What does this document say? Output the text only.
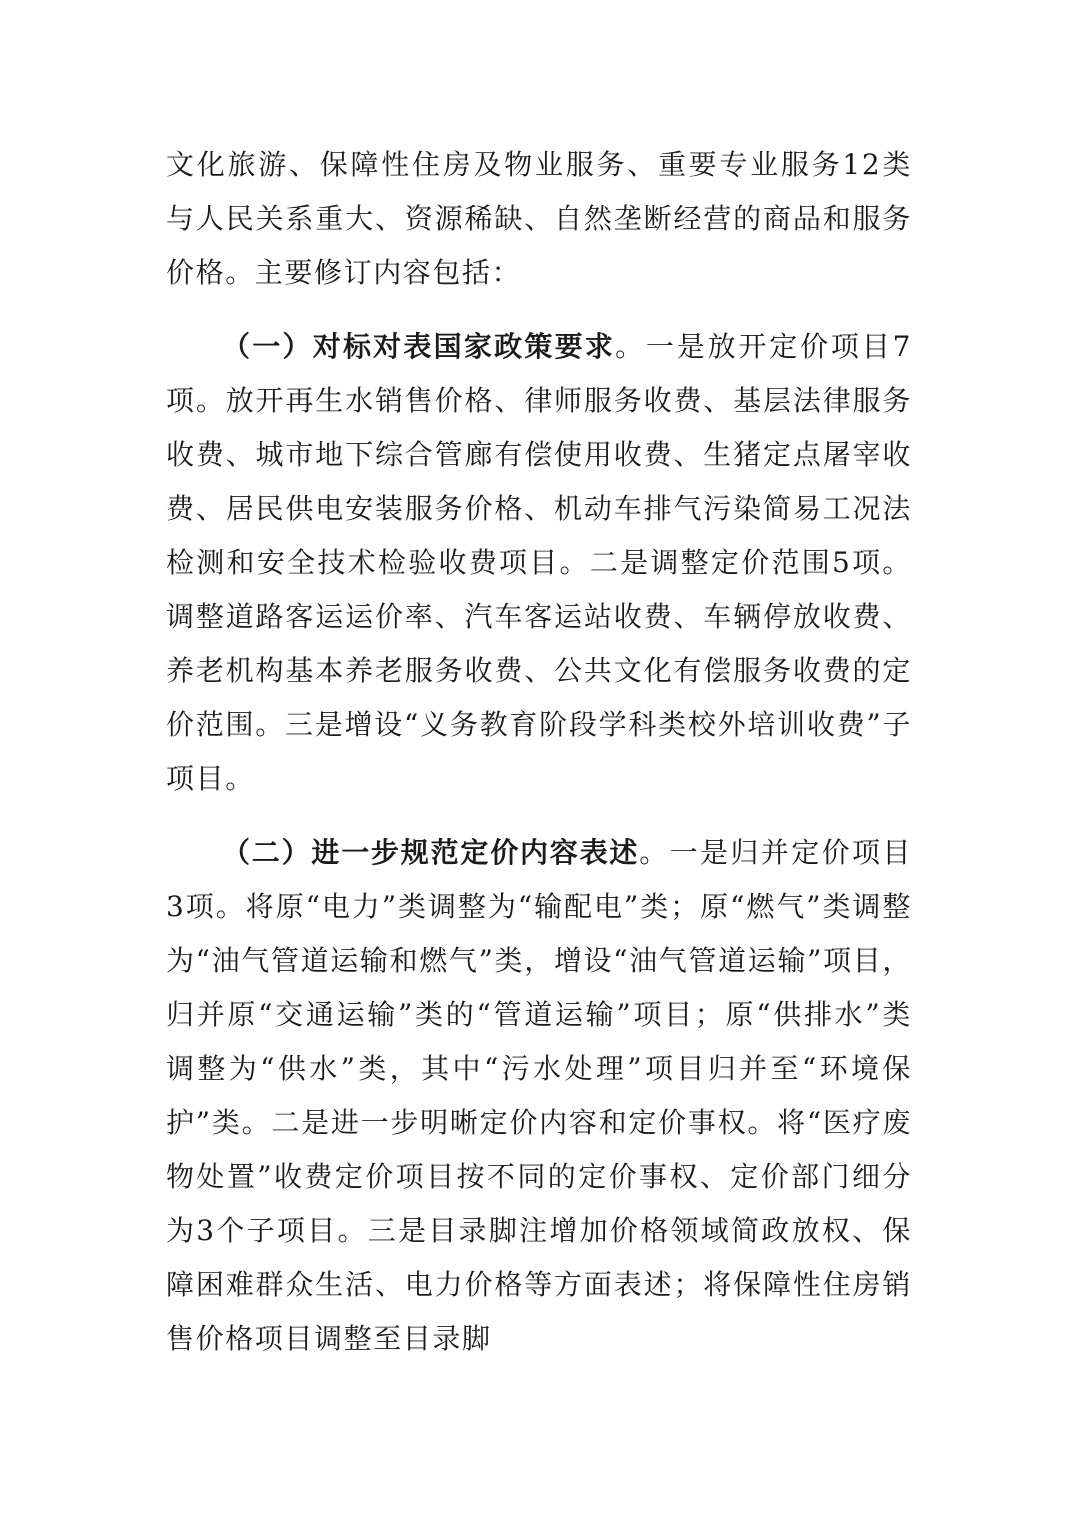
文化旅游、保障性住房及物业服务、重要专业服务12类与人民关系重大、资源稀缺、自然垄断经营的商品和服务价格。主要修订内容包括：

（一）对标对表国家政策要求。一是放开定价项目7项。放开再生水销售价格、律师服务收费、基层法律服务收费、城市地下综合管廊有偿使用收费、生猪定点屠宰收费、居民供电安装服务价格、机动车排气污染简易工况法检测和安全技术检验收费项目。二是调整定价范围5项。调整道路客运运价率、汽车客运站收费、车辆停放收费、养老机构基本养老服务收费、公共文化有偿服务收费的定价范围。三是增设“义务教育阶段学科类校外培训收费”子项目。

（二）进一步规范定价内容表述。一是归并定价项目3项。将原“电力”类调整为“输配电”类；原“燃气”类调整为“油气管道运输和燃气”类，增设“油气管道运输”项目，归并原“交通运输”类的“管道运输”项目；原“供排水”类调整为“供水”类，其中“污水处理”项目归并至“环境保护”类。二是进一步明晰定价内容和定价事权。将“医疗废物处置”收费定价项目按不同的定价事权、定价部门细分为3个子项目。三是目录脚注增加价格领域简政放权、保障困难群众生活、电力价格等方面表述；将保障性住房销售价格项目调整至目录脚
